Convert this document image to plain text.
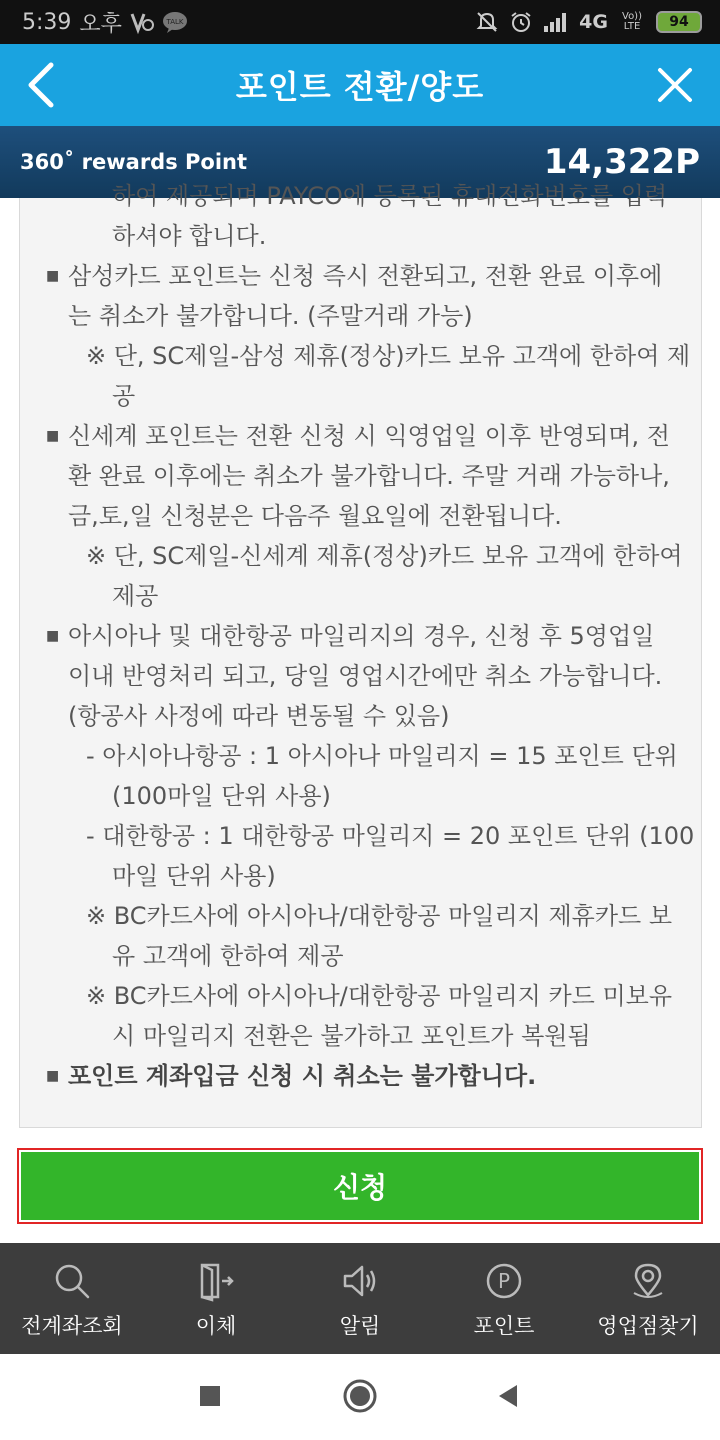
5:39 오후	TALK	4G	Vo)) LTE	94
포인트 전환/양도
360˚ rewards Point	14,322P
하여 제공되며 PAYCO에 등록된 휴대전화번호를 입력
하셔야 합니다.
■ 삼성카드 포인트는 신청 즉시 전환되고, 전환 완료 이후에
는 취소가 불가합니다. (주말거래 가능)
※ 단, SC제일-삼성 제휴(정상)카드 보유 고객에 한하여 제
공
■ 신세계 포인트는 전환 신청 시 익영업일 이후 반영되며, 전
환 완료 이후에는 취소가 불가합니다. 주말 거래 가능하나,
금,토,일 신청분은 다음주 월요일에 전환됩니다.
※ 단, SC제일-신세계 제휴(정상)카드 보유 고객에 한하여
제공
■ 아시아나 및 대한항공 마일리지의 경우, 신청 후 5영업일
이내 반영처리 되고, 당일 영업시간에만 취소 가능합니다.
(항공사 사정에 따라 변동될 수 있음)
- 아시아나항공 : 1 아시아나 마일리지 = 15 포인트 단위
(100마일 단위 사용)
- 대한항공 : 1 대한항공 마일리지 = 20 포인트 단위 (100
마일 단위 사용)
※ BC카드사에 아시아나/대한항공 마일리지 제휴카드 보
유 고객에 한하여 제공
※ BC카드사에 아시아나/대한항공 마일리지 카드 미보유
시 마일리지 전환은 불가하고 포인트가 복원됨
■ 포인트 계좌입금 신청 시 취소는 불가합니다.
신청
전계좌조회	이체	알림
P
포인트	영업점찾기
